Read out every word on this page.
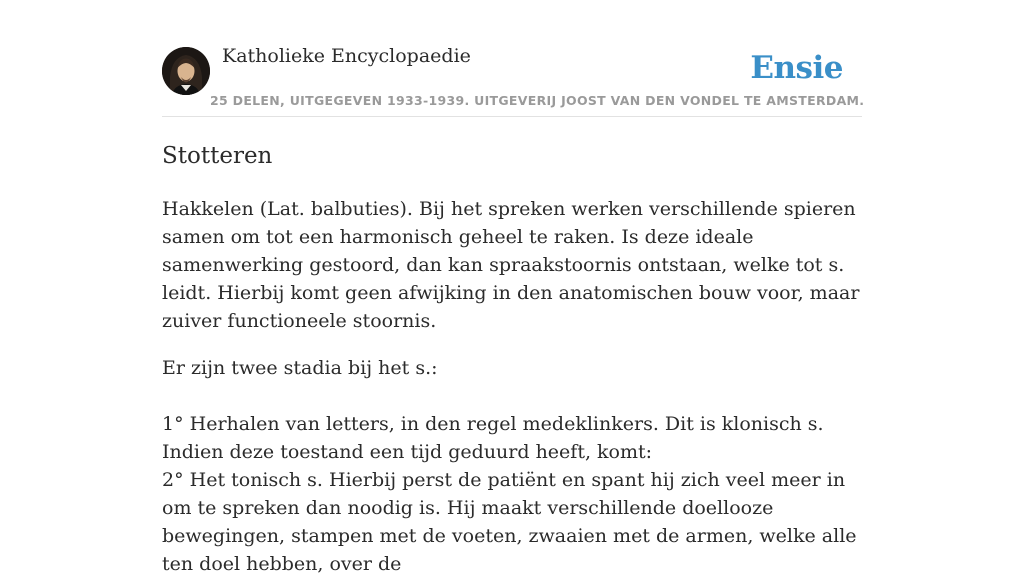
Katholieke Encyclopaedie	Ensie
25 DELEN, UITGEGEVEN 1933-1939. UITGEVERIJ JOOST VAN DEN VONDEL TE AMSTERDAM.
Stotteren

Hakkelen (Lat. balbuties). Bij het spreken werken verschillende spieren samen om tot een harmonisch geheel te raken. Is deze ideale samenwerking gestoord, dan kan spraakstoornis ontstaan, welke tot s. leidt. Hierbij komt geen afwijking in den anatomischen bouw voor, maar zuiver functioneele stoornis.

Er zijn twee stadia bij het s.:

1° Herhalen van letters, in den regel medeklinkers. Dit is klonisch s. Indien deze toestand een tijd geduurd heeft, komt:

2° Het tonisch s. Hierbij perst de patiënt en spant hij zich veel meer in om te spreken dan noodig is. Hij maakt verschillende doellooze bewegingen, stampen met de voeten, zwaaien met de armen, welke alle ten doel hebben, over de
